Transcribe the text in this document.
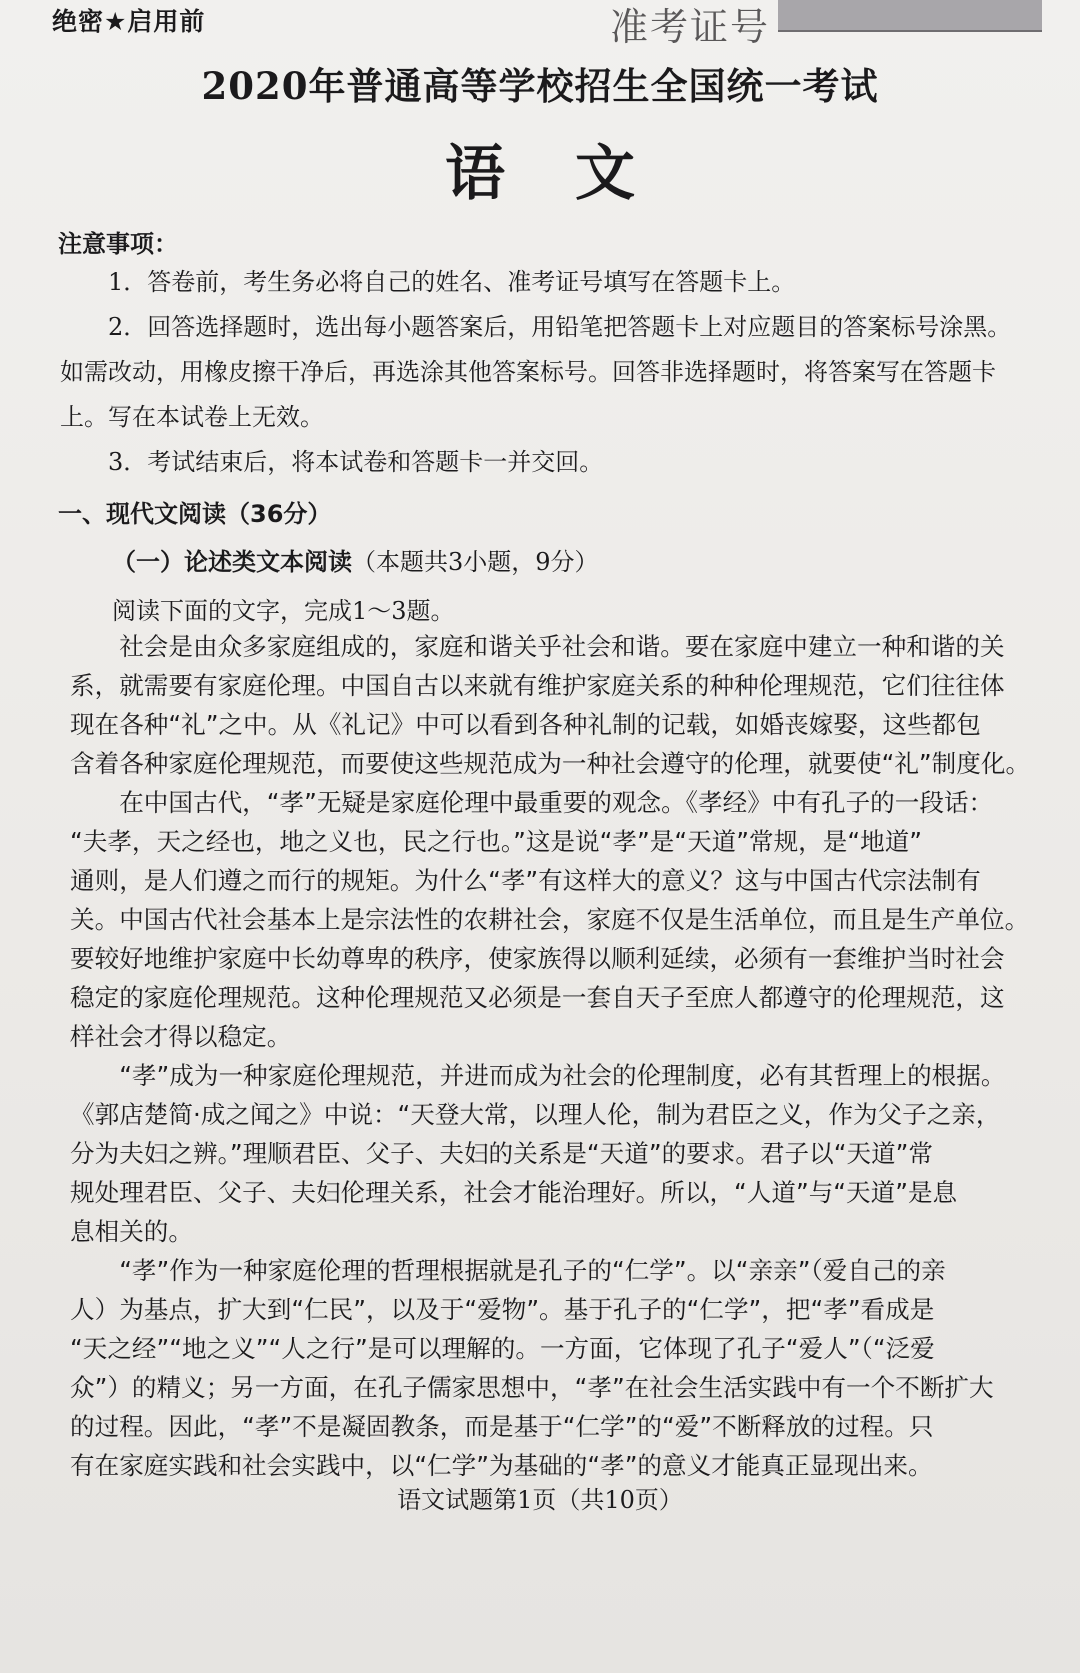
绝密★启用前	准考证号
2020年普通高等学校招生全国统一考试
语文
注意事项：
1．答卷前，考生务必将自己的姓名、准考证号填写在答题卡上。
2．回答选择题时，选出每小题答案后，用铅笔把答题卡上对应题目的答案标号涂黑。如需改动，用橡皮擦干净后，再选涂其他答案标号。回答非选择题时，将答案写在答题卡上。写在本试卷上无效。
3．考试结束后，将本试卷和答题卡一并交回。
一、现代文阅读（36分）
（一）论述类文本阅读（本题共3小题，9分）
阅读下面的文字，完成1～3题。
　　社会是由众多家庭组成的，家庭和谐关乎社会和谐。要在家庭中建立一种和谐的关
系，就需要有家庭伦理。中国自古以来就有维护家庭关系的种种伦理规范，它们往往体
现在各种“礼”之中。从《礼记》中可以看到各种礼制的记载，如婚丧嫁娶，这些都包
含着各种家庭伦理规范，而要使这些规范成为一种社会遵守的伦理，就要使“礼”制度化。
　　在中国古代，“孝”无疑是家庭伦理中最重要的观念。《孝经》中有孔子的一段话：
“夫孝，天之经也，地之义也，民之行也。”这是说“孝”是“天道”常规，是“地道”
通则，是人们遵之而行的规矩。为什么“孝”有这样大的意义？这与中国古代宗法制有
关。中国古代社会基本上是宗法性的农耕社会，家庭不仅是生活单位，而且是生产单位。
要较好地维护家庭中长幼尊卑的秩序，使家族得以顺利延续，必须有一套维护当时社会
稳定的家庭伦理规范。这种伦理规范又必须是一套自天子至庶人都遵守的伦理规范，这
样社会才得以稳定。
　　“孝”成为一种家庭伦理规范，并进而成为社会的伦理制度，必有其哲理上的根据。
《郭店楚简·成之闻之》中说：“天登大常，以理人伦，制为君臣之义，作为父子之亲，
分为夫妇之辨。”理顺君臣、父子、夫妇的关系是“天道”的要求。君子以“天道”常
规处理君臣、父子、夫妇伦理关系，社会才能治理好。所以，“人道”与“天道”是息
息相关的。
　　“孝”作为一种家庭伦理的哲理根据就是孔子的“仁学”。以“亲亲”（爱自己的亲
人）为基点，扩大到“仁民”，以及于“爱物”。基于孔子的“仁学”，把“孝”看成是
“天之经”“地之义”“人之行”是可以理解的。一方面，它体现了孔子“爱人”（“泛爱
众”）的精义；另一方面，在孔子儒家思想中，“孝”在社会生活实践中有一个不断扩大
的过程。因此，“孝”不是凝固教条，而是基于“仁学”的“爱”不断释放的过程。只
有在家庭实践和社会实践中，以“仁学”为基础的“孝”的意义才能真正显现出来。
语文试题第1页（共10页）
